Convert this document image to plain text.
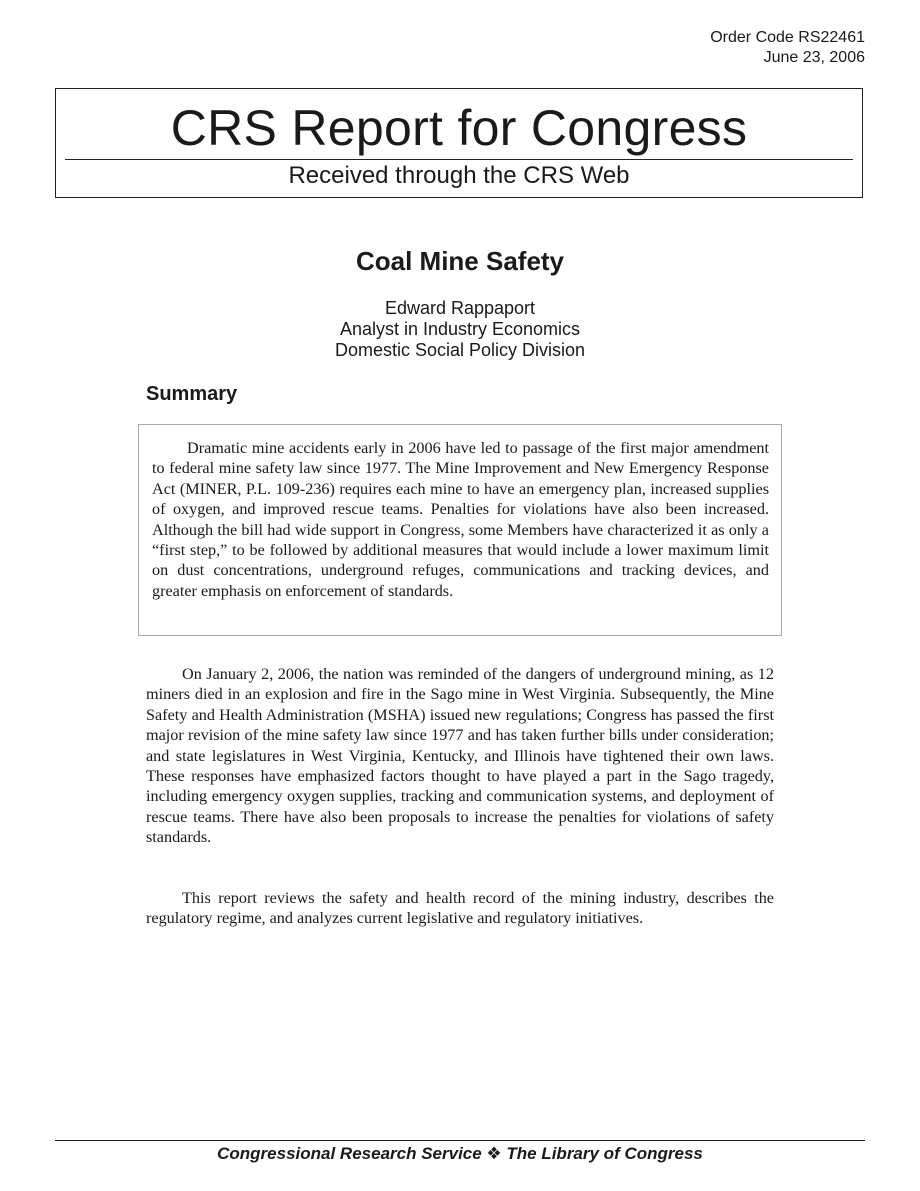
Order Code RS22461
June 23, 2006
CRS Report for Congress
Received through the CRS Web
Coal Mine Safety
Edward Rappaport
Analyst in Industry Economics
Domestic Social Policy Division
Summary

Dramatic mine accidents early in 2006 have led to passage of the first major amendment to federal mine safety law since 1977. The Mine Improvement and New Emergency Response Act (MINER, P.L. 109-236) requires each mine to have an emergency plan, increased supplies of oxygen, and improved rescue teams. Penalties for violations have also been increased. Although the bill had wide support in Congress, some Members have characterized it as only a “first step,” to be followed by additional measures that would include a lower maximum limit on dust concentrations, underground refuges, communications and tracking devices, and greater emphasis on enforcement of standards.

On January 2, 2006, the nation was reminded of the dangers of underground mining, as 12 miners died in an explosion and fire in the Sago mine in West Virginia. Subsequently, the Mine Safety and Health Administration (MSHA) issued new regulations; Congress has passed the first major revision of the mine safety law since 1977 and has taken further bills under consideration; and state legislatures in West Virginia, Kentucky, and Illinois have tightened their own laws. These responses have emphasized factors thought to have played a part in the Sago tragedy, including emergency oxygen supplies, tracking and communication systems, and deployment of rescue teams. There have also been proposals to increase the penalties for violations of safety standards.

This report reviews the safety and health record of the mining industry, describes the regulatory regime, and analyzes current legislative and regulatory initiatives.

Congressional Research Service ❖ The Library of Congress
